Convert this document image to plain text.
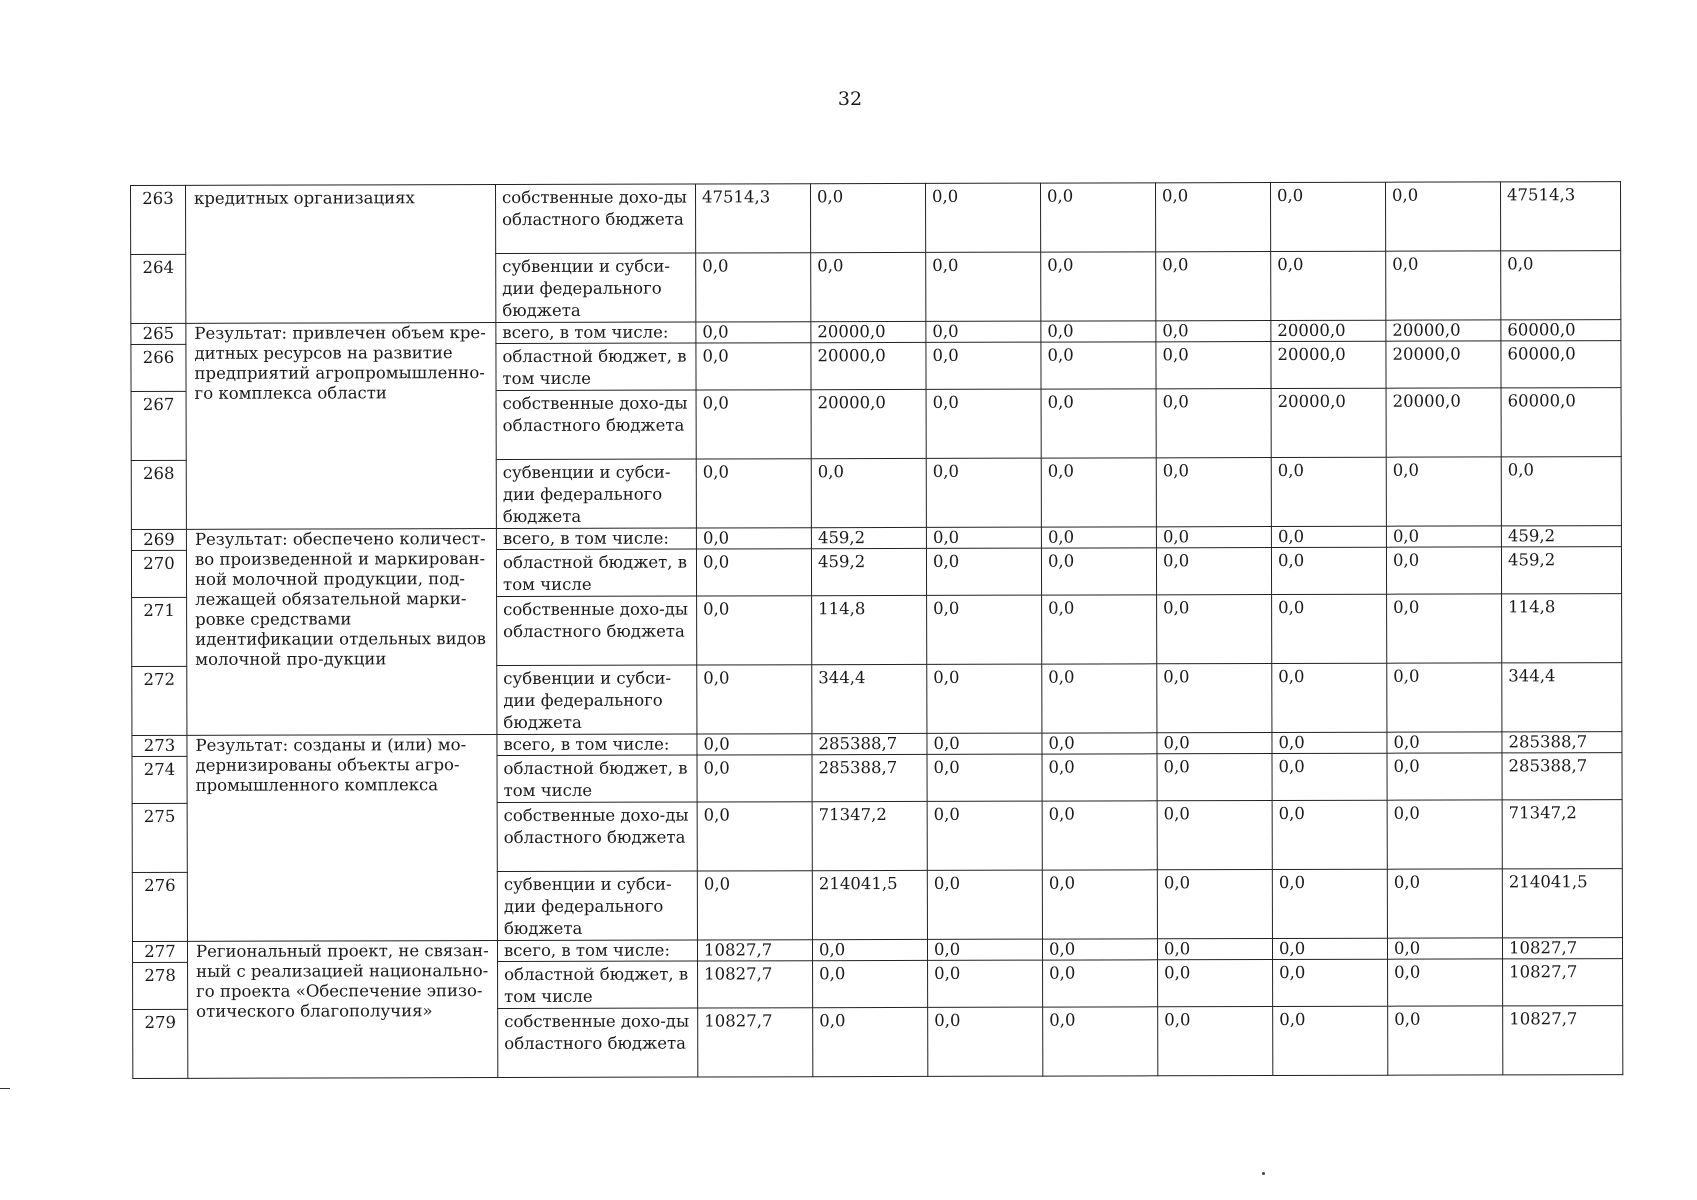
32
263	кредитных организациях	собственные дохо-ды областного бюджета	47514,3	0,0	0,0	0,0	0,0	0,0	0,0	47514,3
264		субвенции и субси-дии федерального бюджета	0,0	0,0	0,0	0,0	0,0	0,0	0,0	0,0
265	Результат: привлечен объем кре-дитных ресурсов на развитие предприятий агропромышленно-го комплекса области	всего, в том числе:	0,0	20000,0	0,0	0,0	0,0	20000,0	20000,0	60000,0
266		областной бюджет, в том числе	0,0	20000,0	0,0	0,0	0,0	20000,0	20000,0	60000,0
267		собственные дохо-ды областного бюджета	0,0	20000,0	0,0	0,0	0,0	20000,0	20000,0	60000,0
268		субвенции и субси-дии федерального бюджета	0,0	0,0	0,0	0,0	0,0	0,0	0,0	0,0
269	Результат: обеспечено количест-во произведенной и маркирован-ной молочной продукции, под-лежащей обязательной марки-ровке средствами идентификации отдельных видов молочной про-дукции	всего, в том числе:	0,0	459,2	0,0	0,0	0,0	0,0	0,0	459,2
270		областной бюджет, в том числе	0,0	459,2	0,0	0,0	0,0	0,0	0,0	459,2
271		собственные дохо-ды областного бюджета	0,0	114,8	0,0	0,0	0,0	0,0	0,0	114,8
272		субвенции и субси-дии федерального бюджета	0,0	344,4	0,0	0,0	0,0	0,0	0,0	344,4
273	Результат: созданы и (или) мо-дернизированы объекты агро-промышленного комплекса	всего, в том числе:	0,0	285388,7	0,0	0,0	0,0	0,0	0,0	285388,7
274		областной бюджет, в том числе	0,0	285388,7	0,0	0,0	0,0	0,0	0,0	285388,7
275		собственные дохо-ды областного бюджета	0,0	71347,2	0,0	0,0	0,0	0,0	0,0	71347,2
276		субвенции и субси-дии федерального бюджета	0,0	214041,5	0,0	0,0	0,0	0,0	0,0	214041,5
277	Региональный проект, не связан-ный с реализацией национально-го проекта «Обеспечение эпизо-отического благополучия»	всего, в том числе:	10827,7	0,0	0,0	0,0	0,0	0,0	0,0	10827,7
278		областной бюджет, в том числе	10827,7	0,0	0,0	0,0	0,0	0,0	0,0	10827,7
279		собственные дохо-ды областного бюджета	10827,7	0,0	0,0	0,0	0,0	0,0	0,0	10827,7
